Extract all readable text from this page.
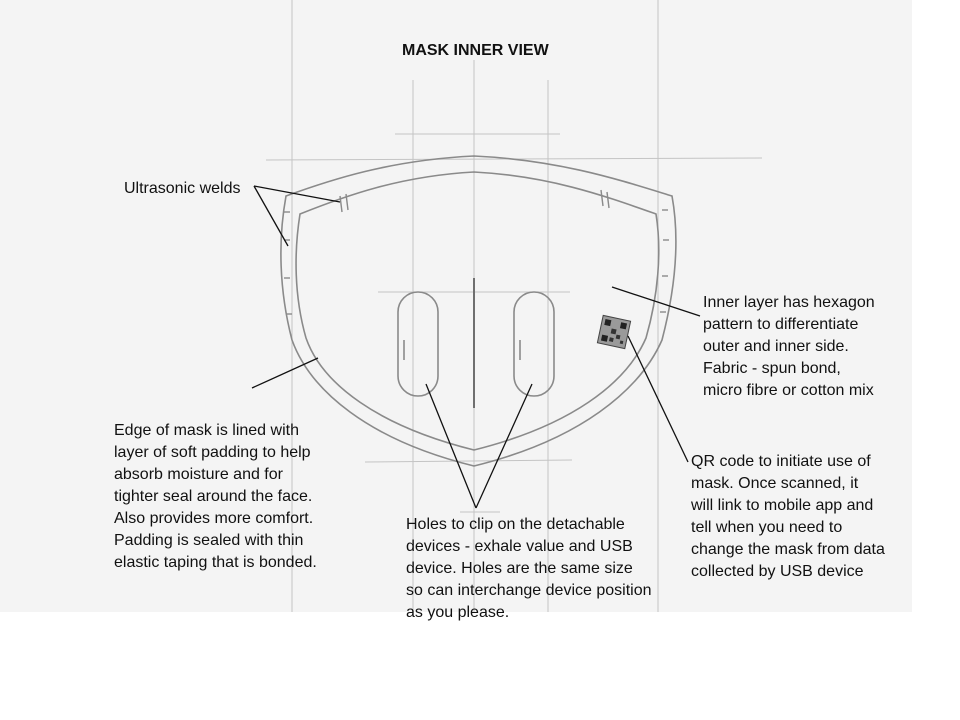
MASK INNER VIEW
Ultrasonic welds
Inner layer has hexagon
pattern to differentiate
outer and inner side.
Fabric - spun bond,
micro fibre or cotton mix
Edge of mask is lined with
layer of soft padding to help
absorb moisture and for
tighter seal around the face.
Also provides more comfort.
Padding is sealed with thin
elastic taping that is bonded.
Holes to clip on the detachable
devices - exhale value and USB
device. Holes are the same size
so can interchange device position
as you please.
QR code to initiate use of
mask. Once scanned, it
will link to mobile app and
tell when you need to
change the mask from data
collected by USB device
